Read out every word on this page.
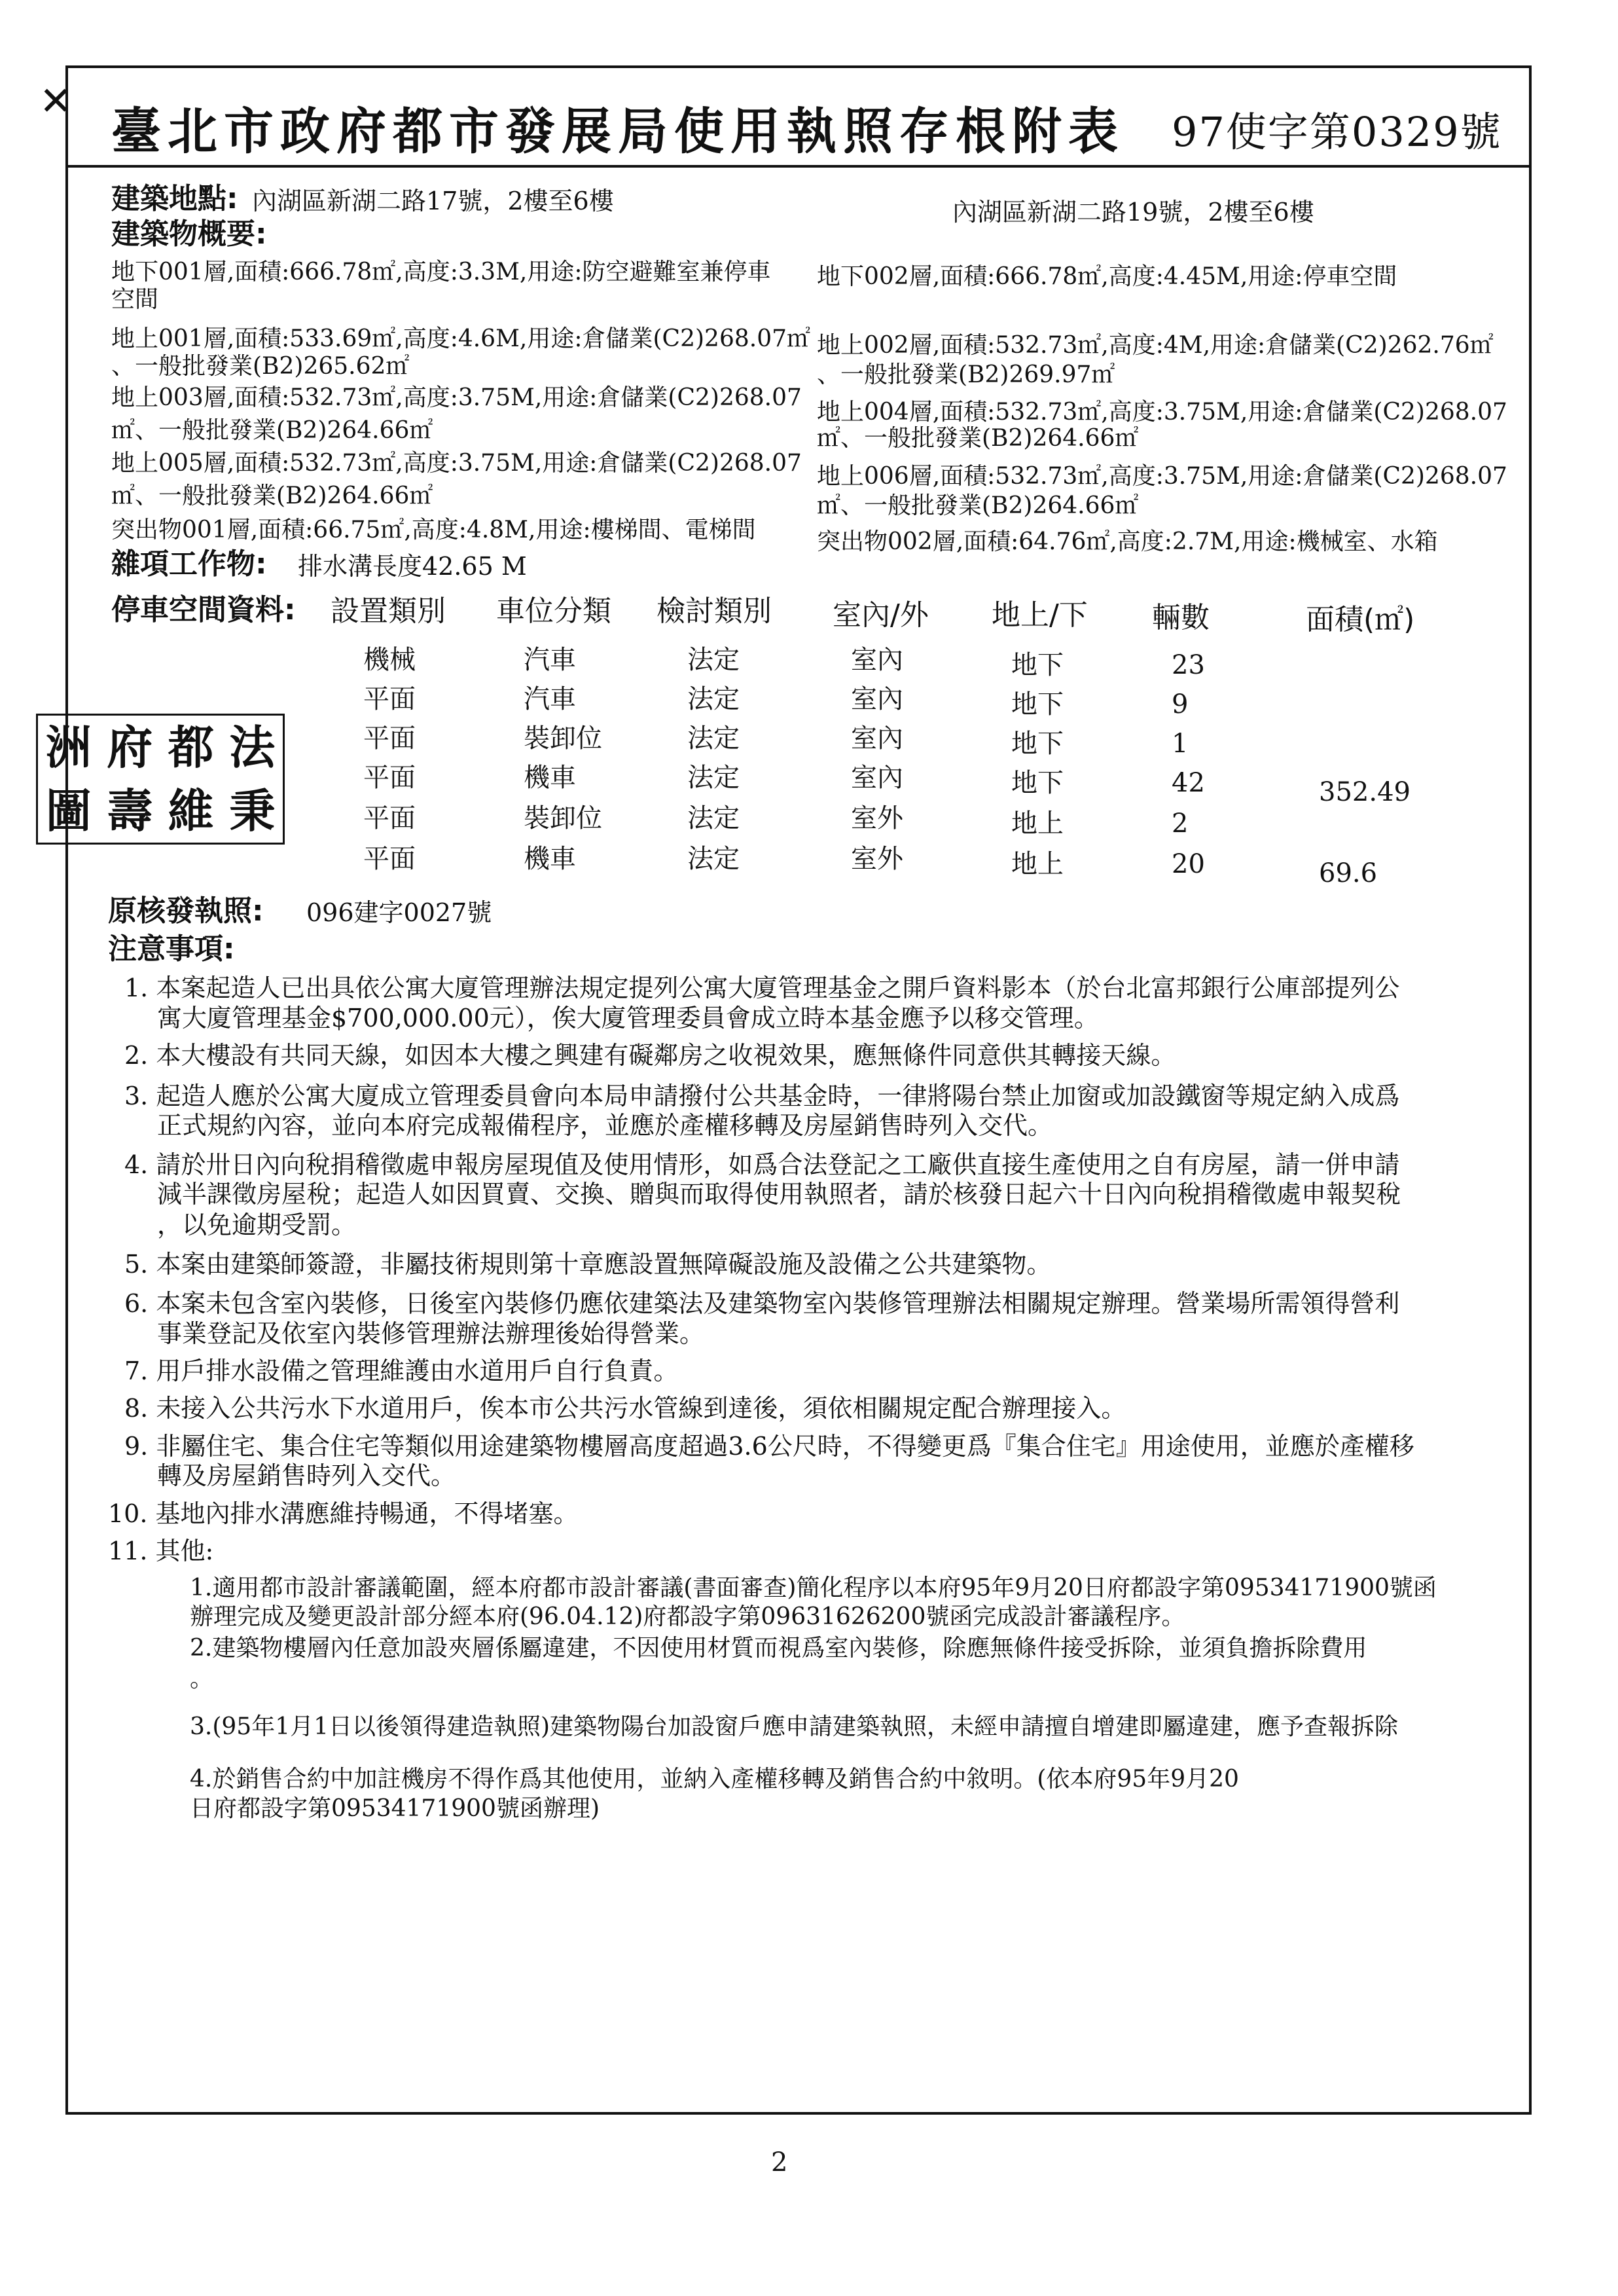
✕
臺北市政府都市發展局使用執照存根附表 97使字第0329號
建築地點: 內湖區新湖二路17號，2樓至6樓	內湖區新湖二路19號，2樓至6樓
建築物概要:
地下001層,面積:666.78㎡,高度:3.3M,用途:防空避難室兼停車
空間
地上001層,面積:533.69㎡,高度:4.6M,用途:倉儲業(C2)268.07㎡
、一般批發業(B2)265.62㎡
地上003層,面積:532.73㎡,高度:3.75M,用途:倉儲業(C2)268.07
㎡、一般批發業(B2)264.66㎡
地上005層,面積:532.73㎡,高度:3.75M,用途:倉儲業(C2)268.07
㎡、一般批發業(B2)264.66㎡
突出物001層,面積:66.75㎡,高度:4.8M,用途:樓梯間、電梯間
地下002層,面積:666.78㎡,高度:4.45M,用途:停車空間
地上002層,面積:532.73㎡,高度:4M,用途:倉儲業(C2)262.76㎡
、一般批發業(B2)269.97㎡
地上004層,面積:532.73㎡,高度:3.75M,用途:倉儲業(C2)268.07
㎡、一般批發業(B2)264.66㎡
地上006層,面積:532.73㎡,高度:3.75M,用途:倉儲業(C2)268.07
㎡、一般批發業(B2)264.66㎡
突出物002層,面積:64.76㎡,高度:2.7M,用途:機械室、水箱
雜項工作物: 排水溝長度42.65 M
停車空間資料: 設置類別 車位分類 檢討類別 室內/外 地上/下 輛數	面積(㎡)
機械	汽車	法定	室內	地下	23
平面	汽車	法定	室內	地下	9
平面	裝卸位	法定	室內	地下	1
平面	機車	法定	室內	地下	42	352.49
平面	裝卸位	法定	室外	地上	2
平面	機車	法定	室外	地上	20	69.6
洲 府 都 法
圖 壽 維 秉
原核發執照: 096建字0027號
注意事項:
1. 本案起造人已出具依公寓大廈管理辦法規定提列公寓大廈管理基金之開戶資料影本（於台北富邦銀行公庫部提列公
寓大廈管理基金$700,000.00元），俟大廈管理委員會成立時本基金應予以移交管理。
2. 本大樓設有共同天線，如因本大樓之興建有礙鄰房之收視效果，應無條件同意供其轉接天線。
3. 起造人應於公寓大廈成立管理委員會向本局申請撥付公共基金時，一律將陽台禁止加窗或加設鐵窗等規定納入成爲
正式規約內容，並向本府完成報備程序，並應於產權移轉及房屋銷售時列入交代。
4. 請於卅日內向稅捐稽徵處申報房屋現值及使用情形，如爲合法登記之工廠供直接生產使用之自有房屋，請一併申請
減半課徵房屋稅；起造人如因買賣、交換、贈與而取得使用執照者，請於核發日起六十日內向稅捐稽徵處申報契稅
，以免逾期受罰。
5. 本案由建築師簽證，非屬技術規則第十章應設置無障礙設施及設備之公共建築物。
6. 本案未包含室內裝修，日後室內裝修仍應依建築法及建築物室內裝修管理辦法相關規定辦理。營業場所需領得營利
事業登記及依室內裝修管理辦法辦理後始得營業。
7. 用戶排水設備之管理維護由水道用戶自行負責。
8. 未接入公共污水下水道用戶，俟本市公共污水管線到達後，須依相關規定配合辦理接入。
9. 非屬住宅、集合住宅等類似用途建築物樓層高度超過3.6公尺時，不得變更爲『集合住宅』用途使用，並應於產權移
轉及房屋銷售時列入交代。
10. 基地內排水溝應維持暢通，不得堵塞。
11. 其他:
1.適用都市設計審議範圍，經本府都市設計審議(書面審查)簡化程序以本府95年9月20日府都設字第09534171900號函
辦理完成及變更設計部分經本府(96.04.12)府都設字第09631626200號函完成設計審議程序。
2.建築物樓層內任意加設夾層係屬違建，不因使用材質而視爲室內裝修，除應無條件接受拆除，並須負擔拆除費用
。
3.(95年1月1日以後領得建造執照)建築物陽台加設窗戶應申請建築執照，未經申請擅自增建即屬違建，應予查報拆除
4.於銷售合約中加註機房不得作爲其他使用，並納入產權移轉及銷售合約中敘明。(依本府95年9月20
日府都設字第09534171900號函辦理)
2
